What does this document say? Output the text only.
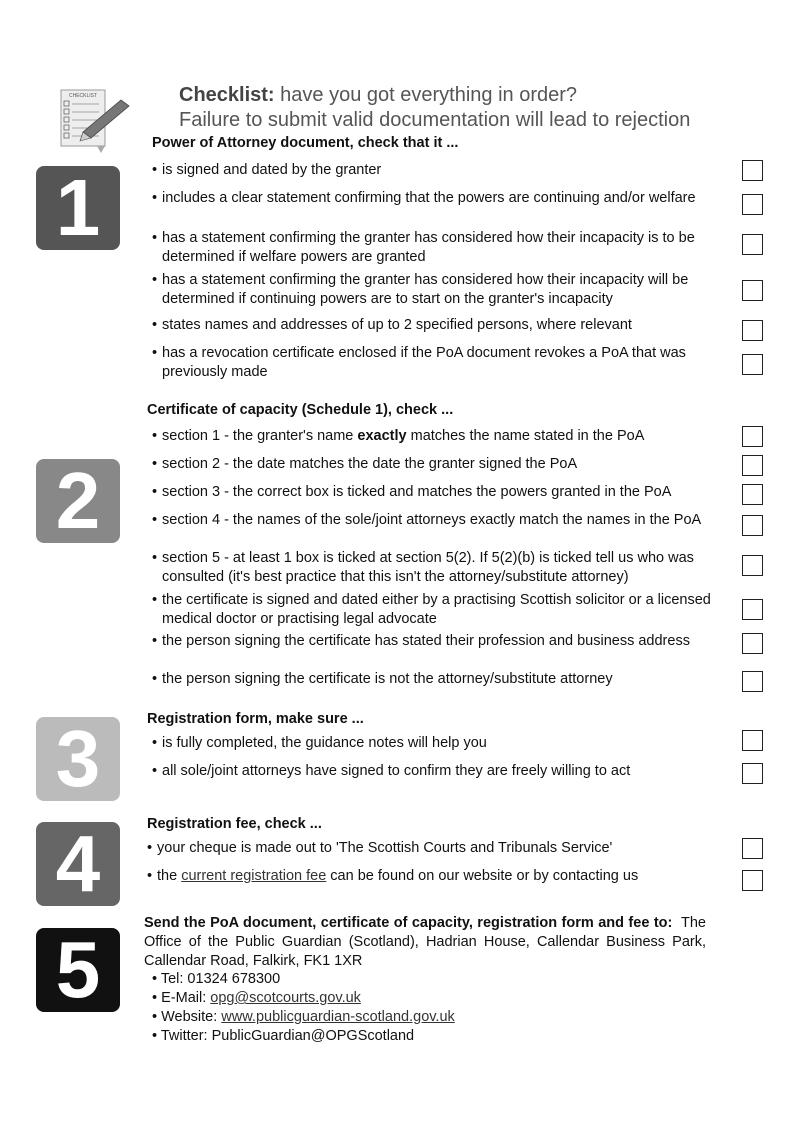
CHECKLIST	Checklist: have you got everything in order?
Failure to submit valid documentation will lead to rejection
1
Power of Attorney document, check that it ...
• is signed and dated by the granter
• includes a clear statement confirming that the powers are continuing and/or welfare
• has a statement confirming the granter has considered how their incapacity is to be determined if welfare powers are granted
• has a statement confirming the granter has considered how their incapacity will be determined if continuing powers are to start on the granter's incapacity
• states names and addresses of up to 2 specified persons, where relevant
• has a revocation certificate enclosed if the PoA document revokes a PoA that was previously made
2
Certificate of capacity (Schedule 1), check ...
• section 1 - the granter's name exactly matches the name stated in the PoA
• section 2 - the date matches the date the granter signed the PoA
• section 3 - the correct box is ticked and matches the powers granted in the PoA
• section 4 - the names of the sole/joint attorneys exactly match the names in the PoA
• section 5 - at least 1 box is ticked at section 5(2). If 5(2)(b) is ticked tell us who was consulted (it's best practice that this isn't the attorney/substitute attorney)
• the certificate is signed and dated either by a practising Scottish solicitor or a licensed medical doctor or practising legal advocate
• the person signing the certificate has stated their profession and business address
• the person signing the certificate is not the attorney/substitute attorney
3	Registration form, make sure ...
• is fully completed, the guidance notes will help you
• all sole/joint attorneys have signed to confirm they are freely willing to act
4	Registration fee, check ...
• your cheque is made out to 'The Scottish Courts and Tribunals Service'
• the current registration fee can be found on our website or by contacting us
5
Send the PoA document, certificate of capacity, registration form and fee to: The Office of the Public Guardian (Scotland), Hadrian House, Callendar Business Park, Callendar Road, Falkirk, FK1 1XR
• Tel: 01324 678300
• E-Mail: opg@scotcourts.gov.uk
• Website: www.publicguardian-scotland.gov.uk
• Twitter: PublicGuardian@OPGScotland
